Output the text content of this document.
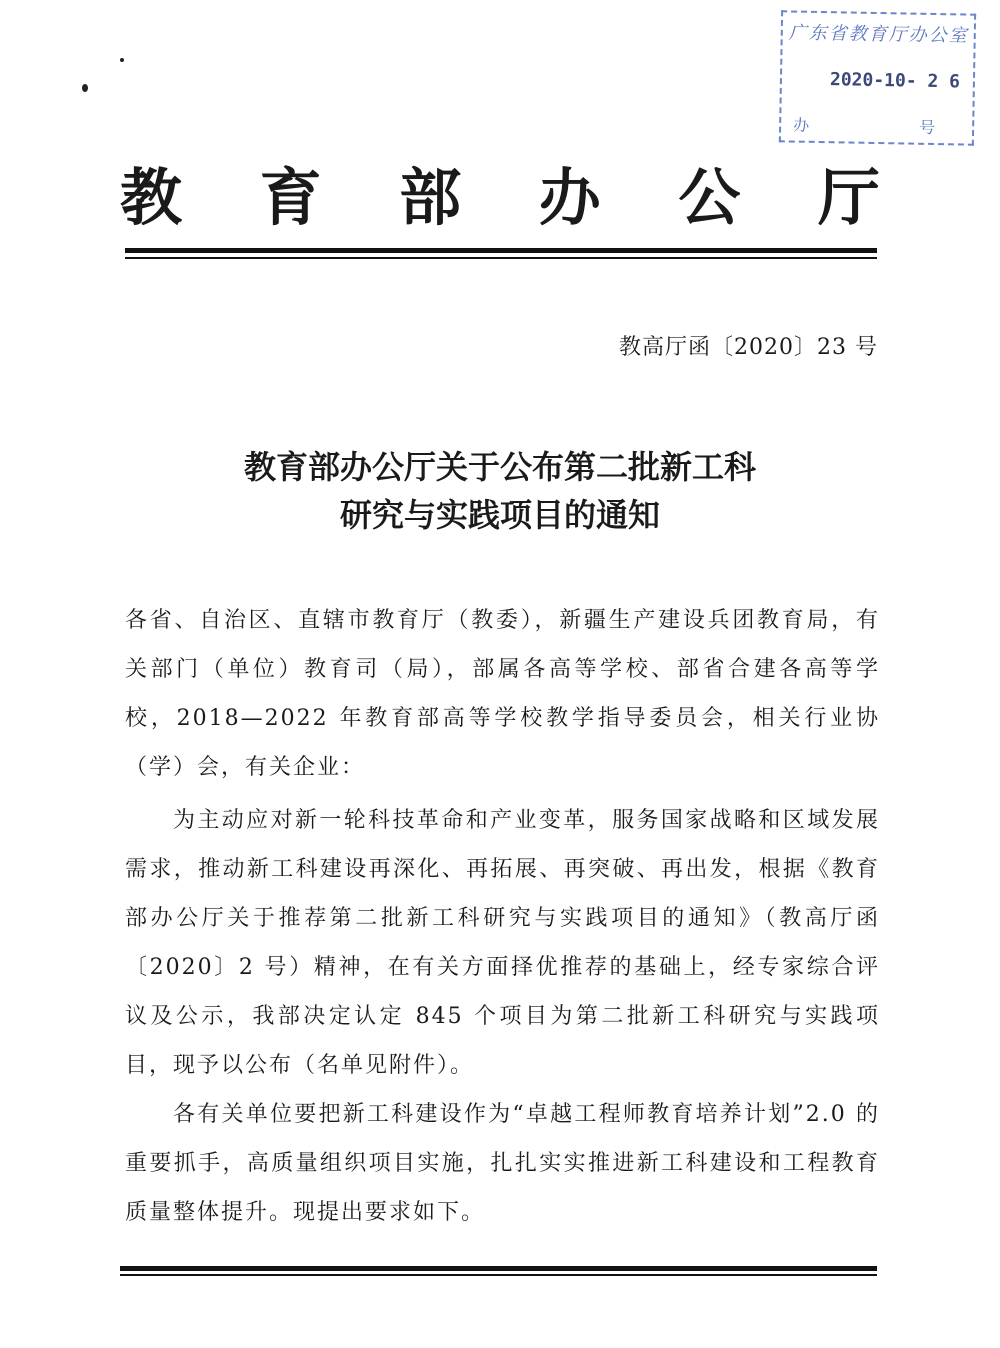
广东省教育厅办公室
2020-10- 2 6
办	号
教 育 部 办 公 厅
教高厅函〔2020〕23 号
教育部办公厅关于公布第二批新工科
研究与实践项目的通知
各省、自治区、直辖市教育厅（教委），新疆生产建设兵团教育局，有关部门（单位）教育司（局），部属各高等学校、部省合建各高等学校，2018—2022 年教育部高等学校教学指导委员会，相关行业协（学）会，有关企业：
为主动应对新一轮科技革命和产业变革，服务国家战略和区域发展需求，推动新工科建设再深化、再拓展、再突破、再出发，根据《教育部办公厅关于推荐第二批新工科研究与实践项目的通知》（教高厅函〔2020〕2 号）精神，在有关方面择优推荐的基础上，经专家综合评议及公示，我部决定认定 845 个项目为第二批新工科研究与实践项目，现予以公布（名单见附件）。
各有关单位要把新工科建设作为“卓越工程师教育培养计划”2.0 的重要抓手，高质量组织项目实施，扎扎实实推进新工科建设和工程教育质量整体提升。现提出要求如下。
